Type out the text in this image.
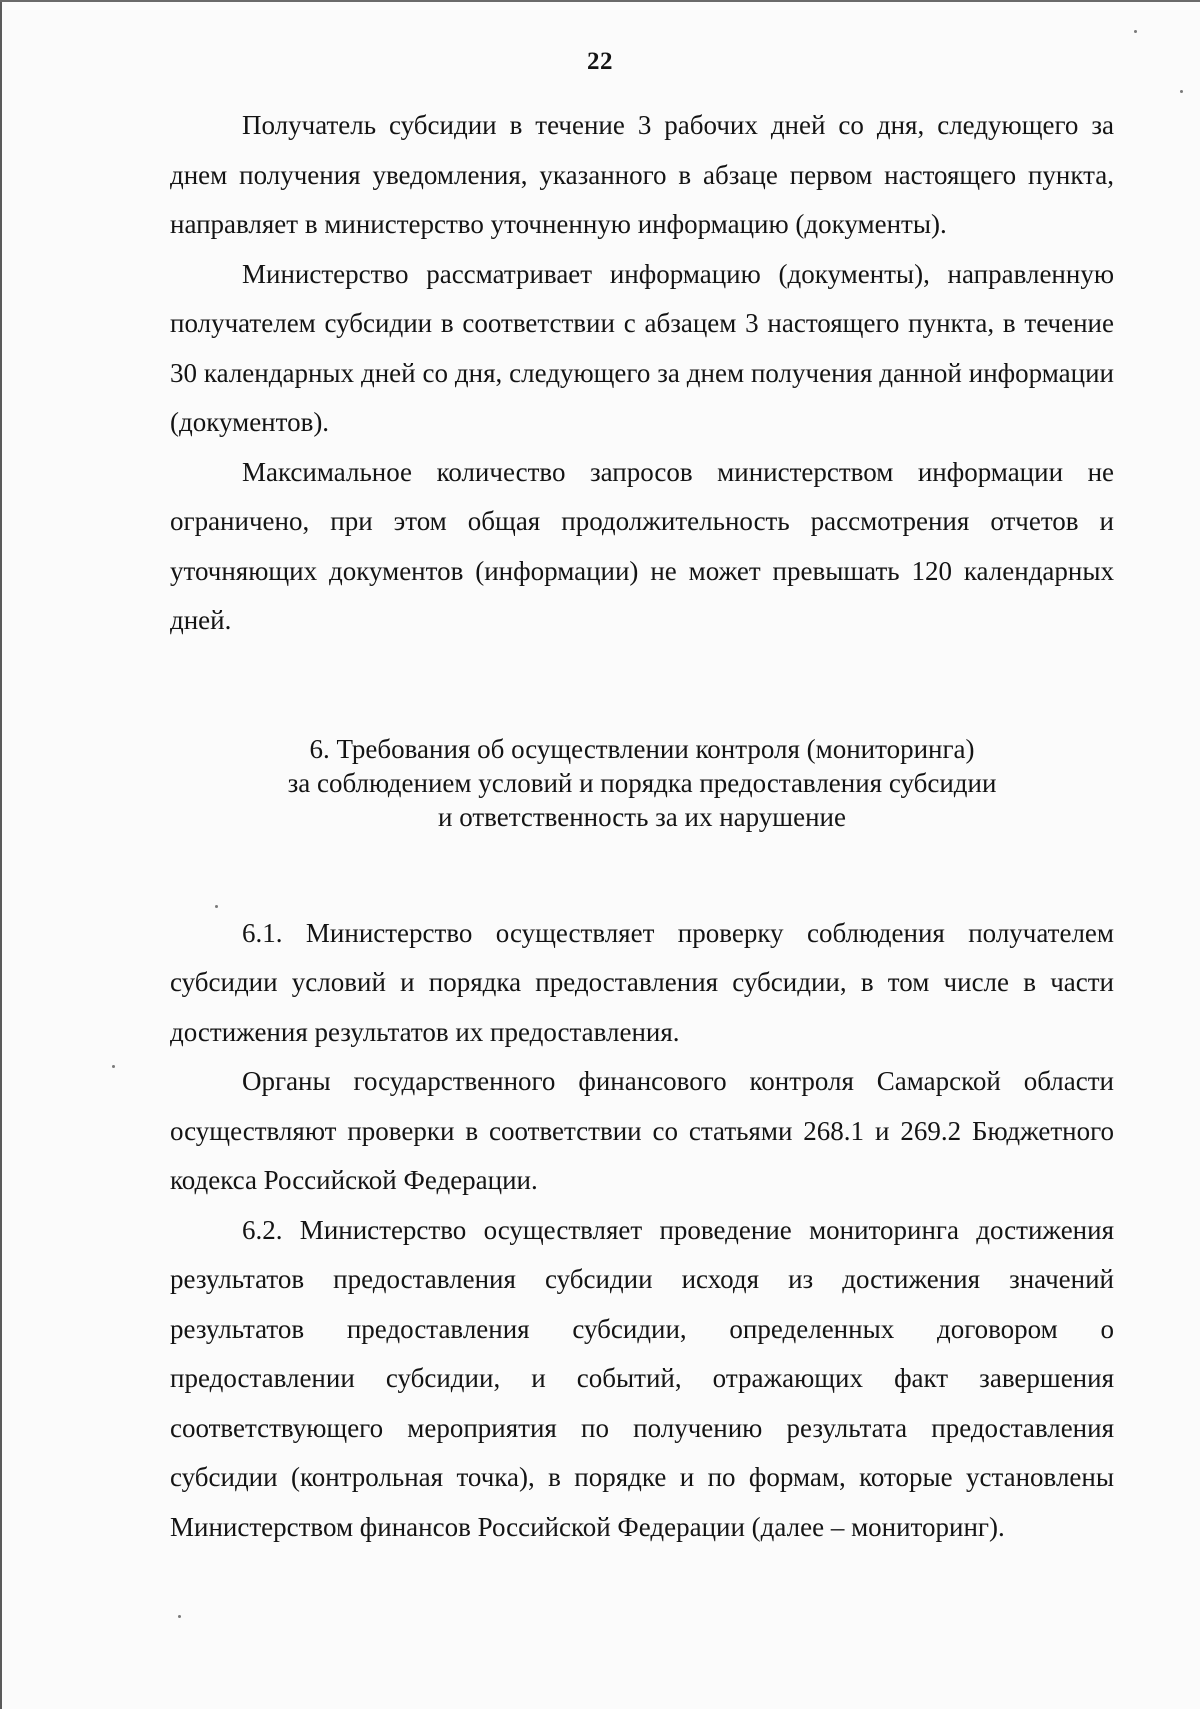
22

Получатель субсидии в течение 3 рабочих дней со дня, следующего за днем получения уведомления, указанного в абзаце первом настоящего пункта, направляет в министерство уточненную информацию (документы).

Министерство рассматривает информацию (документы), направленную получателем субсидии в соответствии с абзацем 3 настоящего пункта, в течение 30 календарных дней со дня, следующего за днем получения данной информации (документов).

Максимальное количество запросов министерством информации не ограничено, при этом общая продолжительность рассмотрения отчетов и уточняющих документов (информации) не может превышать 120 календарных дней.

6. Требования об осуществлении контроля (мониторинга)
за соблюдением условий и порядка предоставления субсидии
и ответственность за их нарушение

6.1. Министерство осуществляет проверку соблюдения получателем субсидии условий и порядка предоставления субсидии, в том числе в части достижения результатов их предоставления.

Органы государственного финансового контроля Самарской области осуществляют проверки в соответствии со статьями 268.1 и 269.2 Бюджетного кодекса Российской Федерации.

6.2. Министерство осуществляет проведение мониторинга достижения результатов предоставления субсидии исходя из достижения значений результатов предоставления субсидии, определенных договором о предоставлении субсидии, и событий, отражающих факт завершения соответствующего мероприятия по получению результата предоставления субсидии (контрольная точка), в порядке и по формам, которые установлены Министерством финансов Российской Федерации (далее – мониторинг).
